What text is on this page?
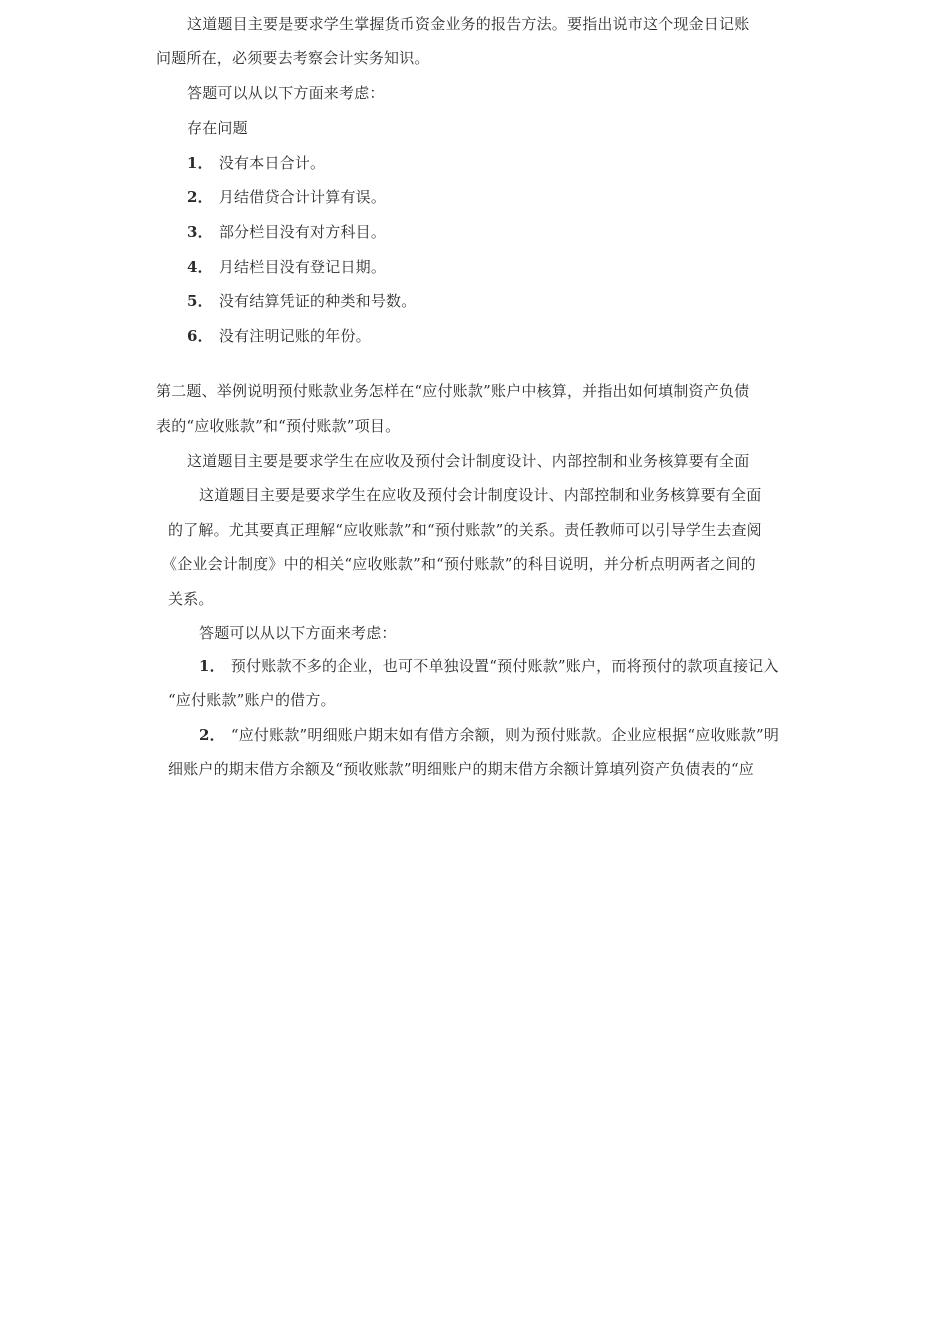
这道题目主要是要求学生掌握货币资金业务的报告方法。要指出说市这个现金日记账
问题所在，必须要去考察会计实务知识。
答题可以从以下方面来考虑：
存在问题
1． 没有本日合计。
2． 月结借贷合计计算有误。
3． 部分栏目没有对方科目。
4． 月结栏目没有登记日期。
5． 没有结算凭证的种类和号数。
6． 没有注明记账的年份。
第二题、举例说明预付账款业务怎样在“应付账款”账户中核算，并指出如何填制资产负债
表的“应收账款”和“预付账款”项目。
这道题目主要是要求学生在应收及预付会计制度设计、内部控制和业务核算要有全面
这道题目主要是要求学生在应收及预付会计制度设计、内部控制和业务核算要有全面
的了解。尤其要真正理解“应收账款”和“预付账款”的关系。责任教师可以引导学生去查阅
《企业会计制度》中的相关“应收账款”和“预付账款”的科目说明，并分析点明两者之间的
关系。
答题可以从以下方面来考虑：
1． 预付账款不多的企业，也可不单独设置“预付账款”账户，而将预付的款项直接记入
“应付账款”账户的借方。
2． “应付账款”明细账户期末如有借方余额，则为预付账款。企业应根据“应收账款”明
细账户的期末借方余额及“预收账款”明细账户的期末借方余额计算填列资产负债表的“应
